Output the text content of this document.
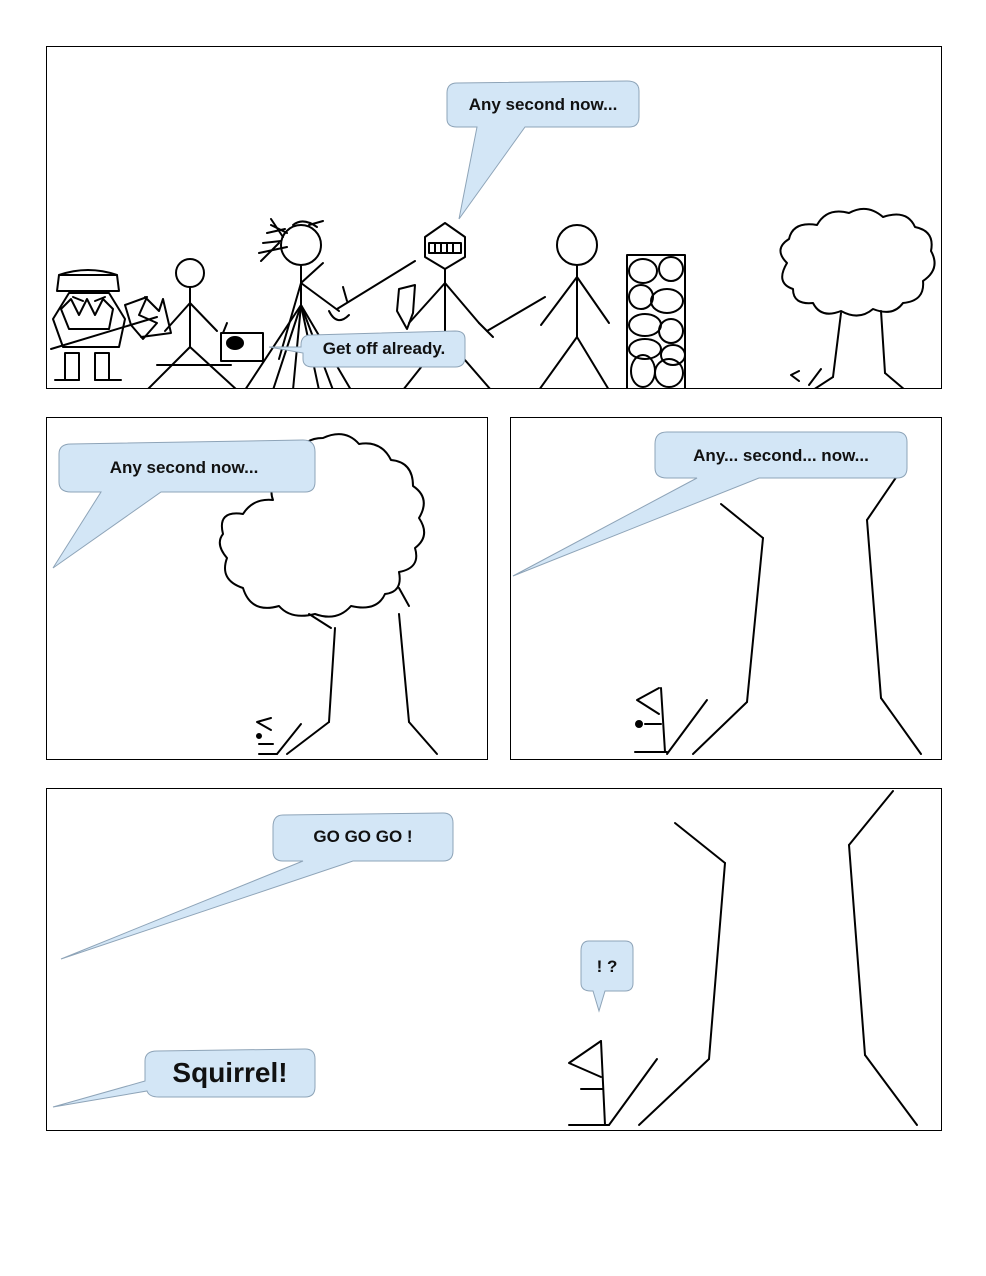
Any second now...
Get off already.
Any second now...
Any... second... now...
GO GO GO !
! ?
Squirrel!
